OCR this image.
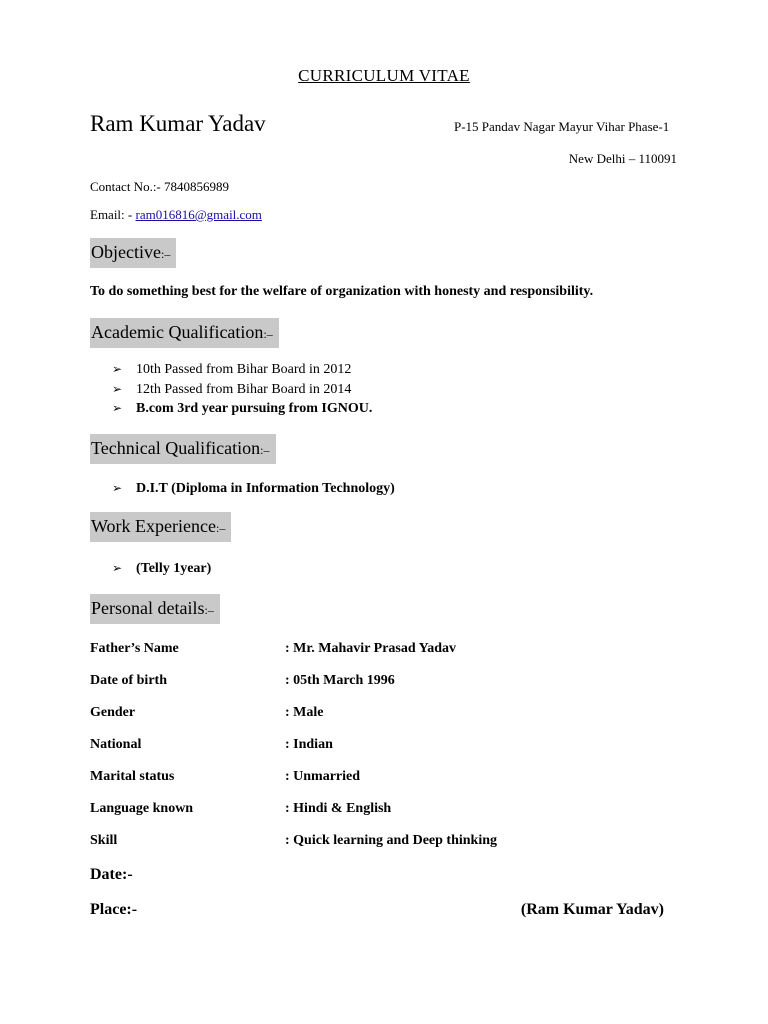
CURRICULUM VITAE
Ram Kumar Yadav	P-15 Pandav Nagar Mayur Vihar Phase-1
New Delhi – 110091
Contact No.:- 7840856989
Email: - ram016816@gmail.com
Objective:–
To do something best for the welfare of organization with honesty and responsibility.
Academic Qualification:–
➢ 10th Passed from Bihar Board in 2012
➢ 12th Passed from Bihar Board in 2014
➢ B.com 3rd year pursuing from IGNOU.
Technical Qualification:–
➢ D.I.T (Diploma in Information Technology)
Work Experience:–
➢ (Telly 1year)
Personal details:–
Father’s Name	: Mr. Mahavir Prasad Yadav
Date of birth	: 05th March 1996
Gender	: Male
National	: Indian
Marital status	: Unmarried
Language known	: Hindi & English
Skill	: Quick learning and Deep thinking
Date:-
Place:-	(Ram Kumar Yadav)
